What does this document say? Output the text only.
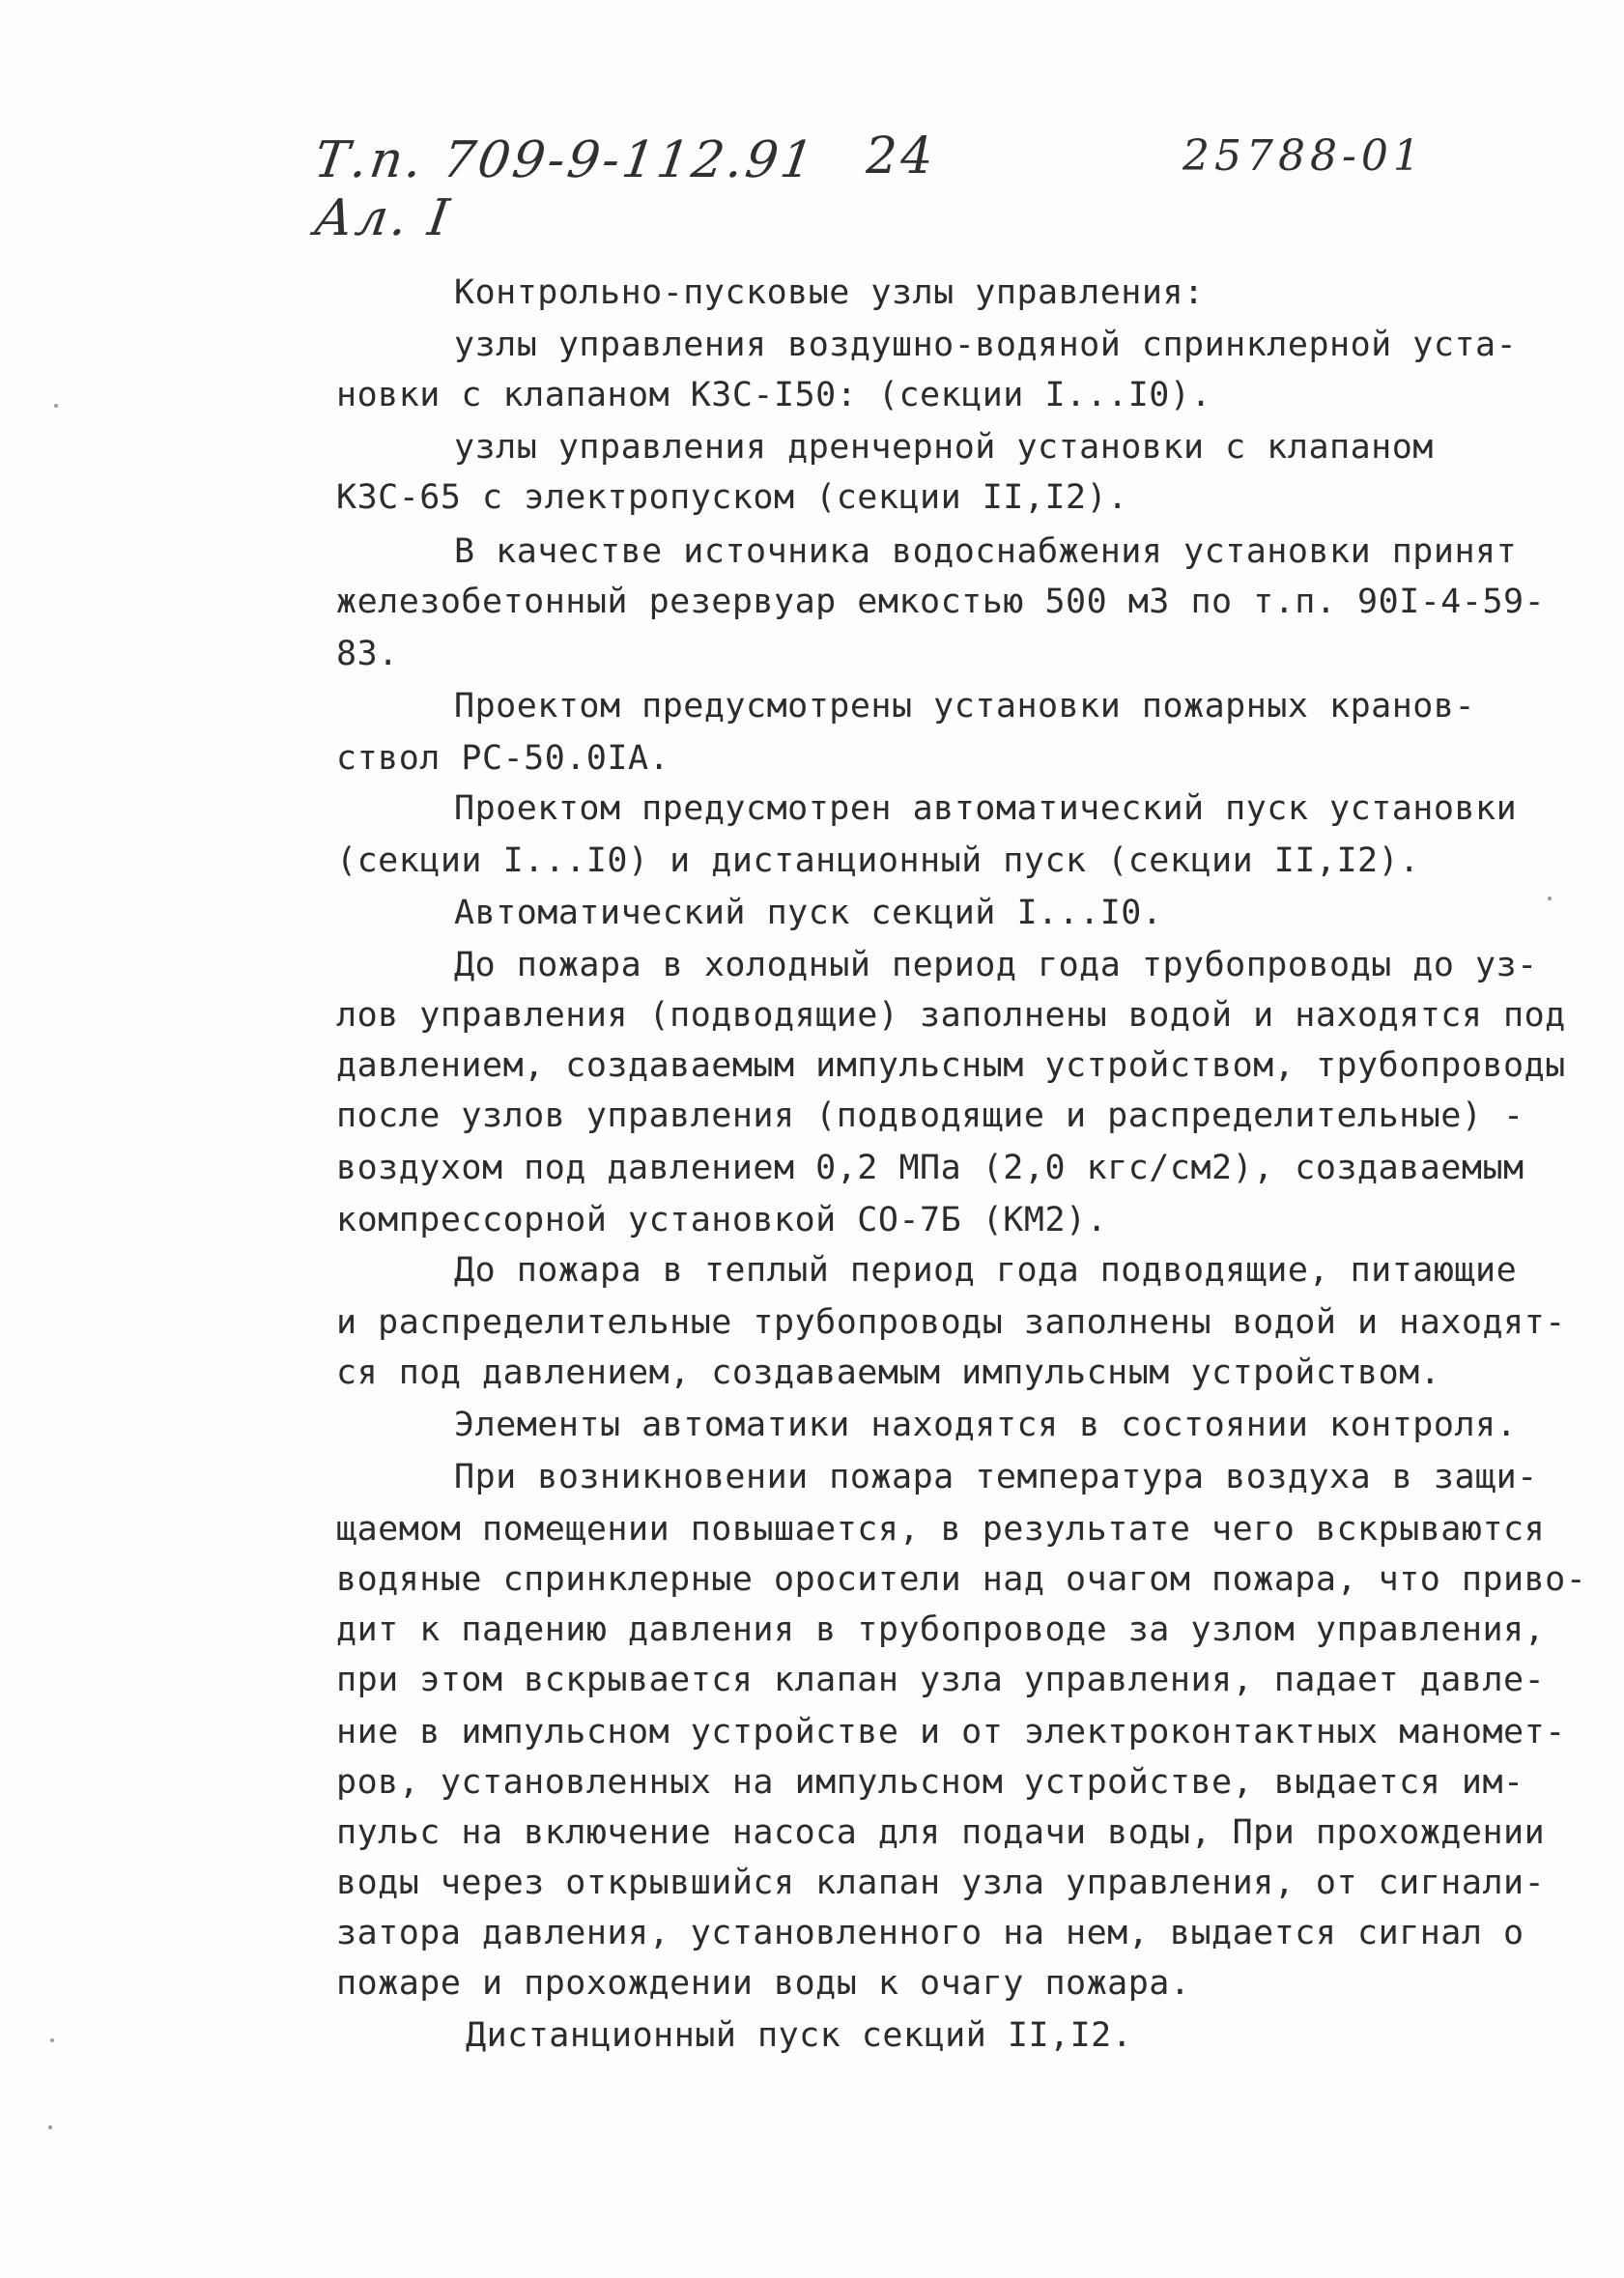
Т.п. 709-9-112.91
Ал. I
24	25788-01
Контрольно-пусковые узлы управления:
узлы управления воздушно-водяной спринклерной уста-
новки с клапаном КЗС-I50: (секции I...I0).
узлы управления дренчерной установки с клапаном
КЗС-65 с электропуском (секции II,I2).
В качестве источника водоснабжения установки принят
железобетонный резервуар емкостью 500 м3 по т.п. 90I-4-59-
83.
Проектом предусмотрены установки пожарных кранов-
ствол РС-50.0IА.
Проектом предусмотрен автоматический пуск установки
(секции I...I0) и дистанционный пуск (секции II,I2).
Автоматический пуск секций I...I0.
До пожара в холодный период года трубопроводы до уз-
лов управления (подводящие) заполнены водой и находятся под
давлением, создаваемым импульсным устройством, трубопроводы
после узлов управления (подводящие и распределительные) -
воздухом под давлением 0,2 МПа (2,0 кгс/см2), создаваемым
компрессорной установкой СО-7Б (КМ2).
До пожара в теплый период года подводящие, питающие
и распределительные трубопроводы заполнены водой и находят-
ся под давлением, создаваемым импульсным устройством.
Элементы автоматики находятся в состоянии контроля.
При возникновении пожара температура воздуха в защи-
щаемом помещении повышается, в результате чего вскрываются
водяные спринклерные оросители над очагом пожара, что приво-
дит к падению давления в трубопроводе за узлом управления,
при этом вскрывается клапан узла управления, падает давле-
ние в импульсном устройстве и от электроконтактных маномет-
ров, установленных на импульсном устройстве, выдается им-
пульс на включение насоса для подачи воды, При прохождении
воды через открывшийся клапан узла управления, от сигнали-
затора давления, установленного на нем, выдается сигнал о
пожаре и прохождении воды к очагу пожара.
Дистанционный пуск секций II,I2.
